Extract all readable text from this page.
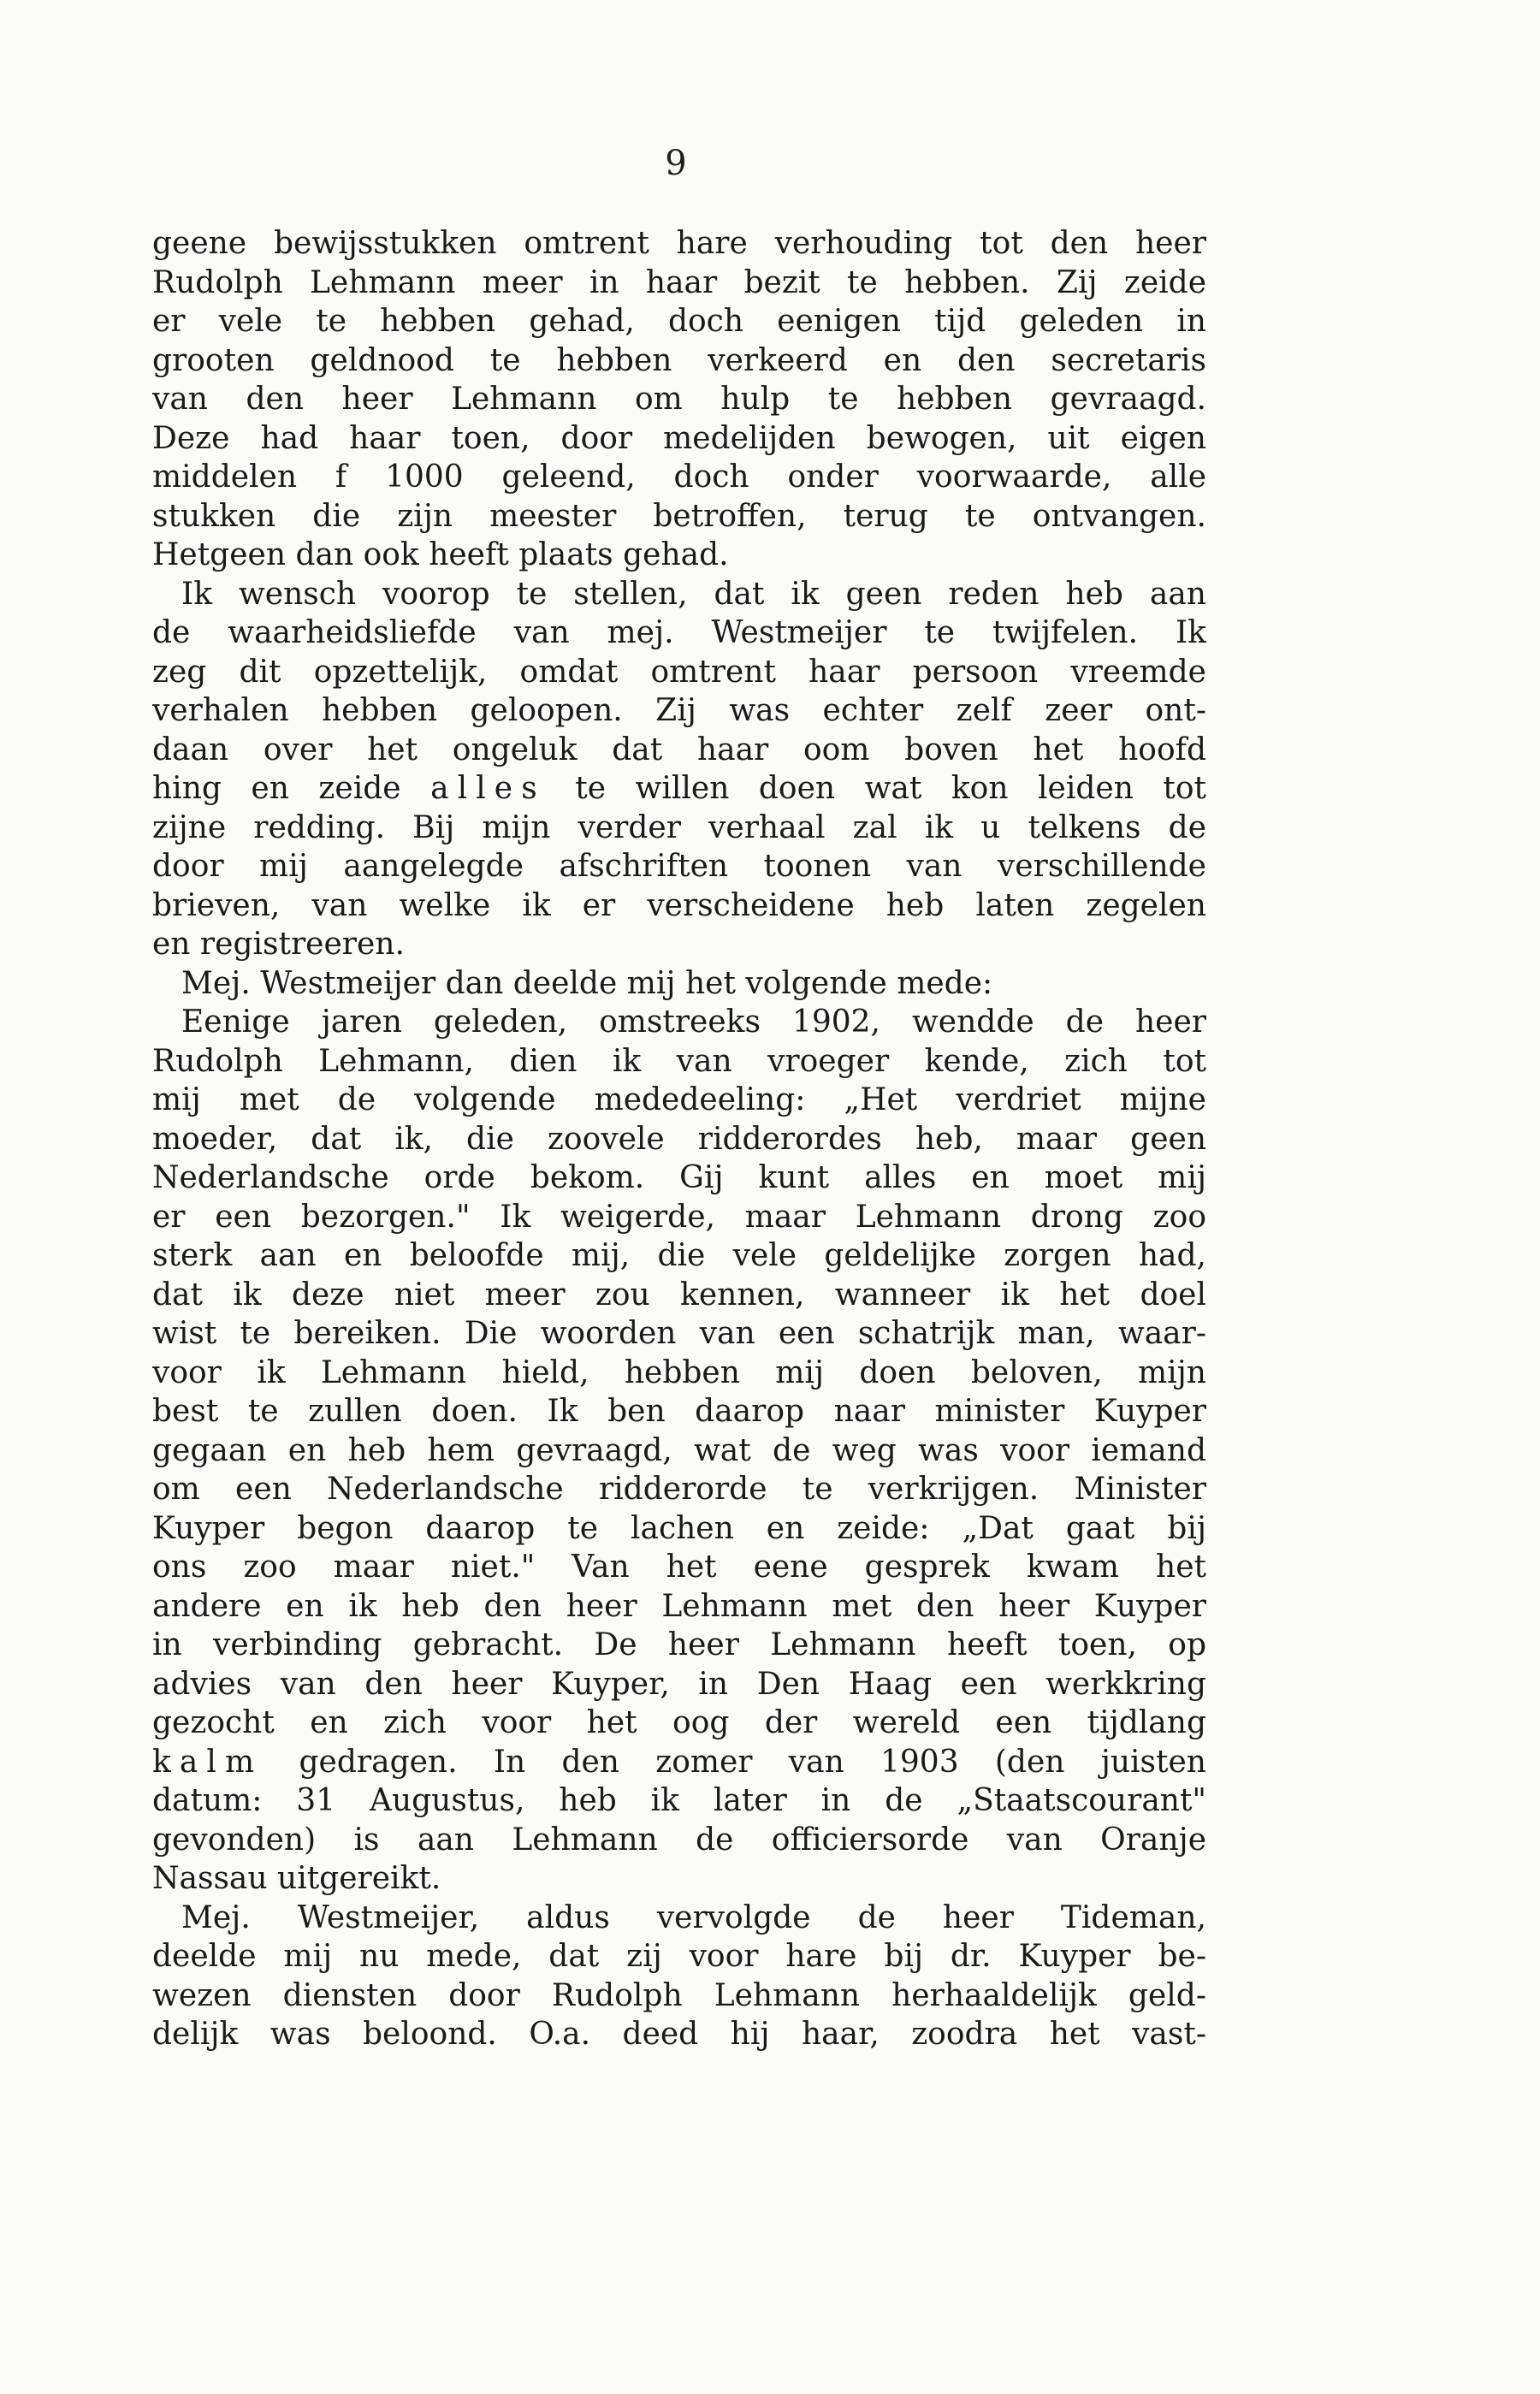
9
geene bewijsstukken omtrent hare verhouding tot den heer
Rudolph Lehmann meer in haar bezit te hebben. Zij zeide
er vele te hebben gehad, doch eenigen tijd geleden in
grooten geldnood te hebben verkeerd en den secretaris
van den heer Lehmann om hulp te hebben gevraagd.
Deze had haar toen, door medelijden bewogen, uit eigen
middelen f 1000 geleend, doch onder voorwaarde, alle
stukken die zijn meester betroffen, terug te ontvangen.
Hetgeen dan ook heeft plaats gehad.
Ik wensch voorop te stellen, dat ik geen reden heb aan
de waarheidsliefde van mej. Westmeijer te twijfelen. Ik
zeg dit opzettelijk, omdat omtrent haar persoon vreemde
verhalen hebben geloopen. Zij was echter zelf zeer ont-
daan over het ongeluk dat haar oom boven het hoofd
hing en zeide alles te willen doen wat kon leiden tot
zijne redding. Bij mijn verder verhaal zal ik u telkens de
door mij aangelegde afschriften toonen van verschillende
brieven, van welke ik er verscheidene heb laten zegelen
en registreeren.
Mej. Westmeijer dan deelde mij het volgende mede:
Eenige jaren geleden, omstreeks 1902, wendde de heer
Rudolph Lehmann, dien ik van vroeger kende, zich tot
mij met de volgende mededeeling: „Het verdriet mijne
moeder, dat ik, die zoovele ridderordes heb, maar geen
Nederlandsche orde bekom. Gij kunt alles en moet mij
er een bezorgen." Ik weigerde, maar Lehmann drong zoo
sterk aan en beloofde mij, die vele geldelijke zorgen had,
dat ik deze niet meer zou kennen, wanneer ik het doel
wist te bereiken. Die woorden van een schatrijk man, waar-
voor ik Lehmann hield, hebben mij doen beloven, mijn
best te zullen doen. Ik ben daarop naar minister Kuyper
gegaan en heb hem gevraagd, wat de weg was voor iemand
om een Nederlandsche ridderorde te verkrijgen. Minister
Kuyper begon daarop te lachen en zeide: „Dat gaat bij
ons zoo maar niet." Van het eene gesprek kwam het
andere en ik heb den heer Lehmann met den heer Kuyper
in verbinding gebracht. De heer Lehmann heeft toen, op
advies van den heer Kuyper, in Den Haag een werkkring
gezocht en zich voor het oog der wereld een tijdlang
kalm gedragen. In den zomer van 1903 (den juisten
datum: 31 Augustus, heb ik later in de „Staatscourant"
gevonden) is aan Lehmann de officiersorde van Oranje
Nassau uitgereikt.
Mej. Westmeijer, aldus vervolgde de heer Tideman,
deelde mij nu mede, dat zij voor hare bij dr. Kuyper be-
wezen diensten door Rudolph Lehmann herhaaldelijk geld-
delijk was beloond. O.a. deed hij haar, zoodra het vast-
